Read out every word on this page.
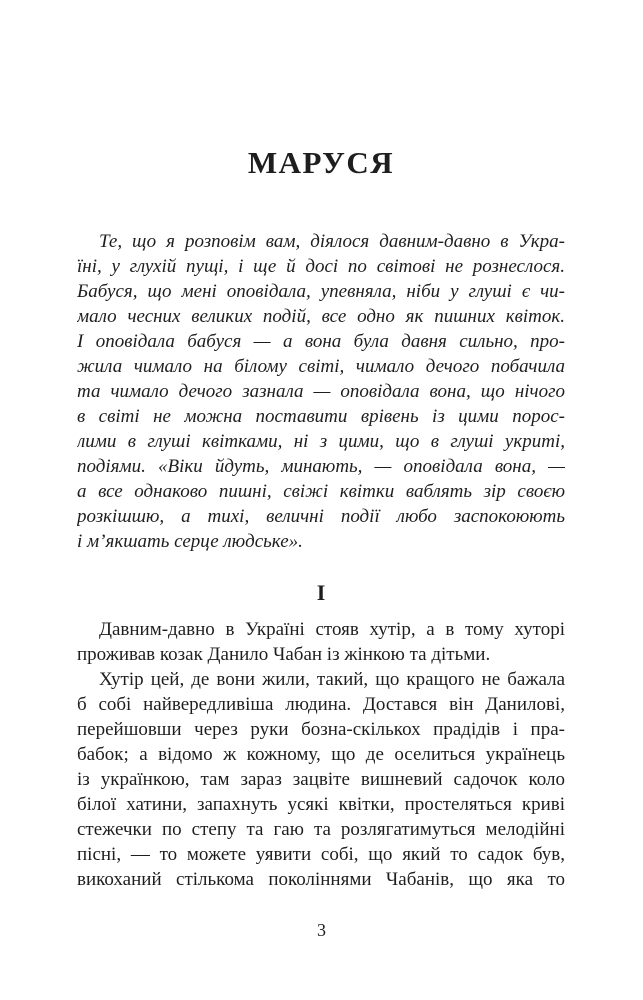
МАРУСЯ
Те, що я розповім вам, діялося давним-давно в Укра-
їні, у глухій пущі, і ще й досі по світові не рознеслося.
Бабуся, що мені оповідала, упевняла, ніби у глуші є чи-
мало чесних великих подій, все одно як пишних квіток.
І оповідала бабуся — а вона була давня сильно, про-
жила чимало на білому світі, чимало дечого побачила
та чимало дечого зазнала — оповідала вона, що нічого
в світі не можна поставити врівень із цими порос-
лими в глуші квітками, ні з цими, що в глуші укриті,
подіями. «Віки йдуть, минають, — оповідала вона, —
а все однаково пишні, свіжі квітки ваблять зір своєю
розкішшю, а тихі, величні події любо заспокоюють
і м’якшать серце людське».
I
Давним-давно в Україні стояв хутір, а в тому хуторі
проживав козак Данило Чабан із жінкою та дітьми.
Хутір цей, де вони жили, такий, що кращого не бажала
б собі найвередливіша людина. Достався він Данилові,
перейшовши через руки бозна-скількох прадідів і пра-
бабок; а відомо ж кожному, що де оселиться українець
із українкою, там зараз зацвіте вишневий садочок коло
білої хатини, запахнуть усякі квітки, простеляться криві
стежечки по степу та гаю та розлягатимуться мелодійні
пісні, — то можете уявити собі, що який то садок був,
викоханий стількома поколіннями Чабанів, що яка то
3
